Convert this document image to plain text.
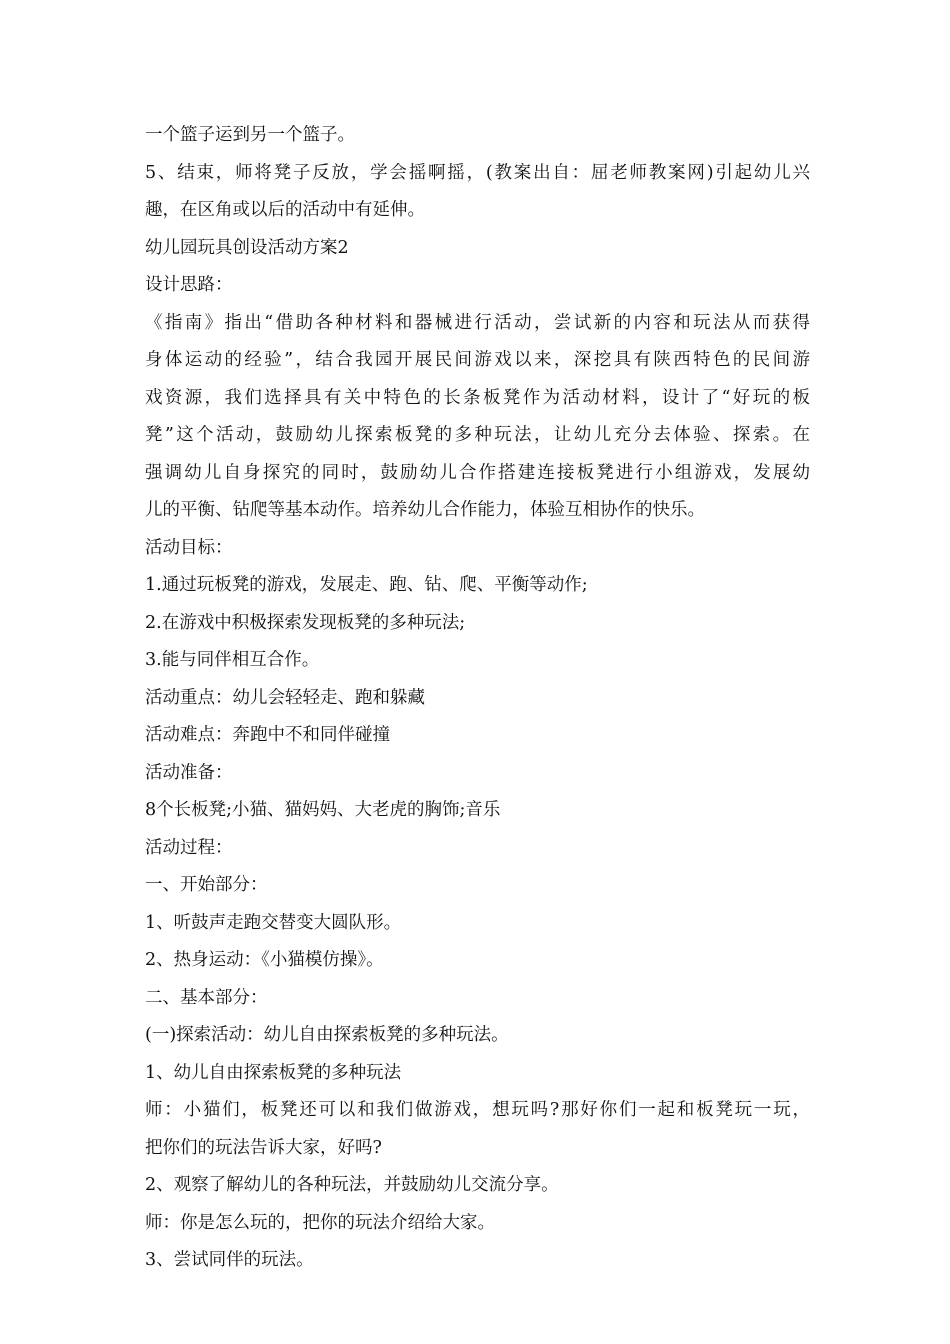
一个篮子运到另一个篮子。
5、结束，师将凳子反放，学会摇啊摇，(教案出自：屈老师教案网)引起幼儿兴
趣，在区角或以后的活动中有延伸。
幼儿园玩具创设活动方案2
设计思路：
《指南》指出“借助各种材料和器械进行活动，尝试新的内容和玩法从而获得
身体运动的经验”，结合我园开展民间游戏以来，深挖具有陕西特色的民间游
戏资源，我们选择具有关中特色的长条板凳作为活动材料，设计了“好玩的板
凳”这个活动，鼓励幼儿探索板凳的多种玩法，让幼儿充分去体验、探索。在
强调幼儿自身探究的同时，鼓励幼儿合作搭建连接板凳进行小组游戏，发展幼
儿的平衡、钻爬等基本动作。培养幼儿合作能力，体验互相协作的快乐。
活动目标：
1.通过玩板凳的游戏，发展走、跑、钻、爬、平衡等动作;
2.在游戏中积极探索发现板凳的多种玩法;
3.能与同伴相互合作。
活动重点：幼儿会轻轻走、跑和躲藏
活动难点：奔跑中不和同伴碰撞
活动准备：
8个长板凳;小猫、猫妈妈、大老虎的胸饰;音乐
活动过程：
一、开始部分：
1、听鼓声走跑交替变大圆队形。
2、热身运动：《小猫模仿操》。
二、基本部分：
(一)探索活动：幼儿自由探索板凳的多种玩法。
1、幼儿自由探索板凳的多种玩法
师：小猫们，板凳还可以和我们做游戏，想玩吗?那好你们一起和板凳玩一玩，
把你们的玩法告诉大家，好吗?
2、观察了解幼儿的各种玩法，并鼓励幼儿交流分享。
师：你是怎么玩的，把你的玩法介绍给大家。
3、尝试同伴的玩法。
